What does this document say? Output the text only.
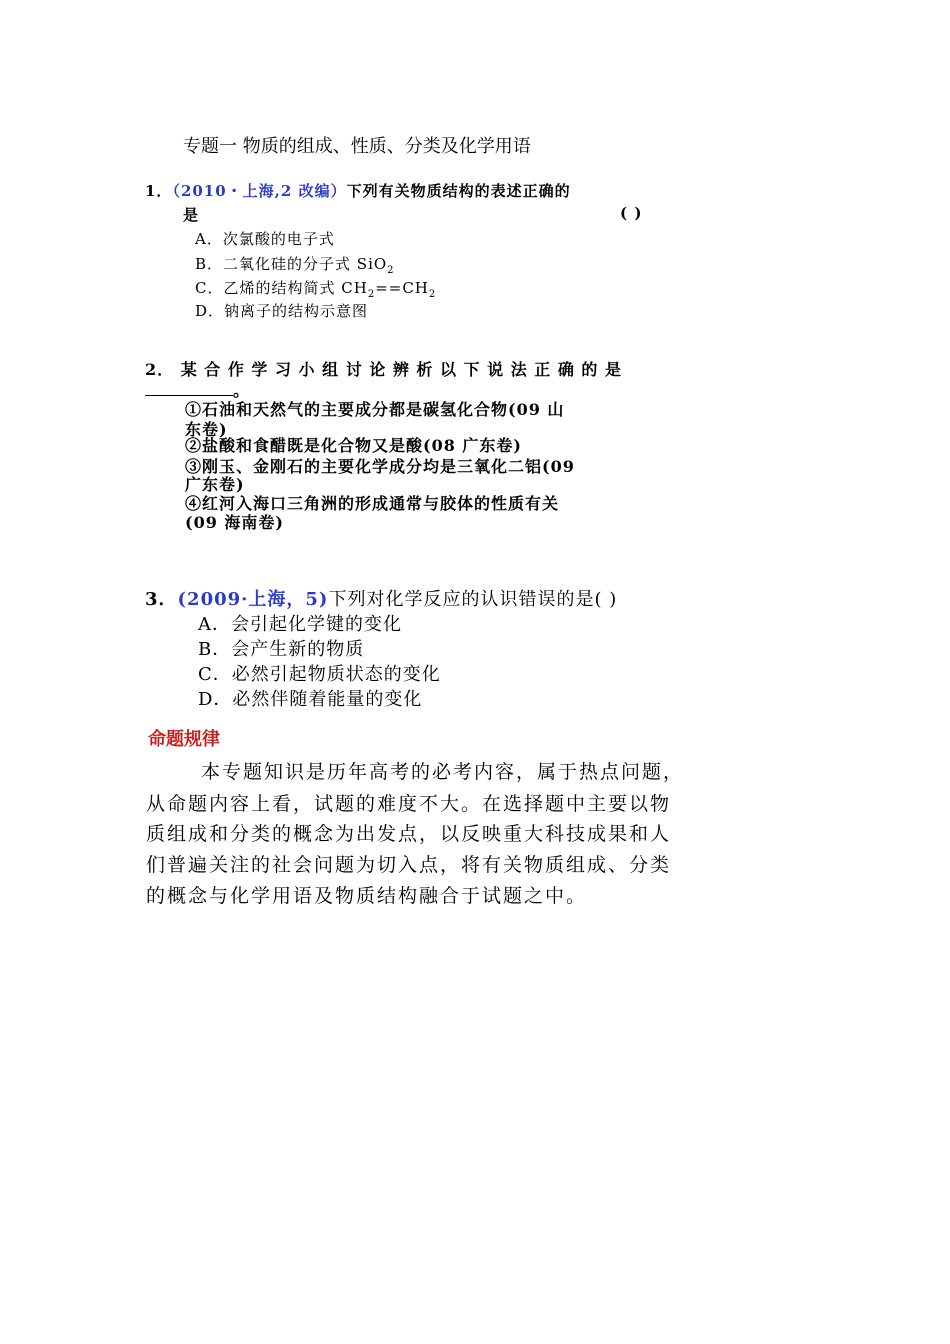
专题一 物质的组成、性质、分类及化学用语
1．（2010・上海,2 改编）下列有关物质结构的表述正确的
是	( )
A．次氯酸的电子式
B．二氧化硅的分子式 SiO$_2$
C．乙烯的结构简式 $CH_2==CH_2$
D．钠离子的结构示意图
2． 某 合 作 学 习 小 组 讨 论 辨 析 以 下 说 法 正 确 的 是
。
①石油和天然气的主要成分都是碳氢化合物(09 山
东卷)
②盐酸和食醋既是化合物又是酸(08 广东卷)
③刚玉、金刚石的主要化学成分均是三氧化二铝(09
广东卷)
④红河入海口三角洲的形成通常与胶体的性质有关
(09 海南卷)
3．(2009·上海，5)下列对化学反应的认识错误的是( )
A．会引起化学键的变化
B．会产生新的物质
C．必然引起物质状态的变化
D．必然伴随着能量的变化
命题规律
本专题知识是历年高考的必考内容，属于热点问题，
从命题内容上看，试题的难度不大。在选择题中主要以物
质组成和分类的概念为出发点，以反映重大科技成果和人
们普遍关注的社会问题为切入点，将有关物质组成、分类
的概念与化学用语及物质结构融合于试题之中。
